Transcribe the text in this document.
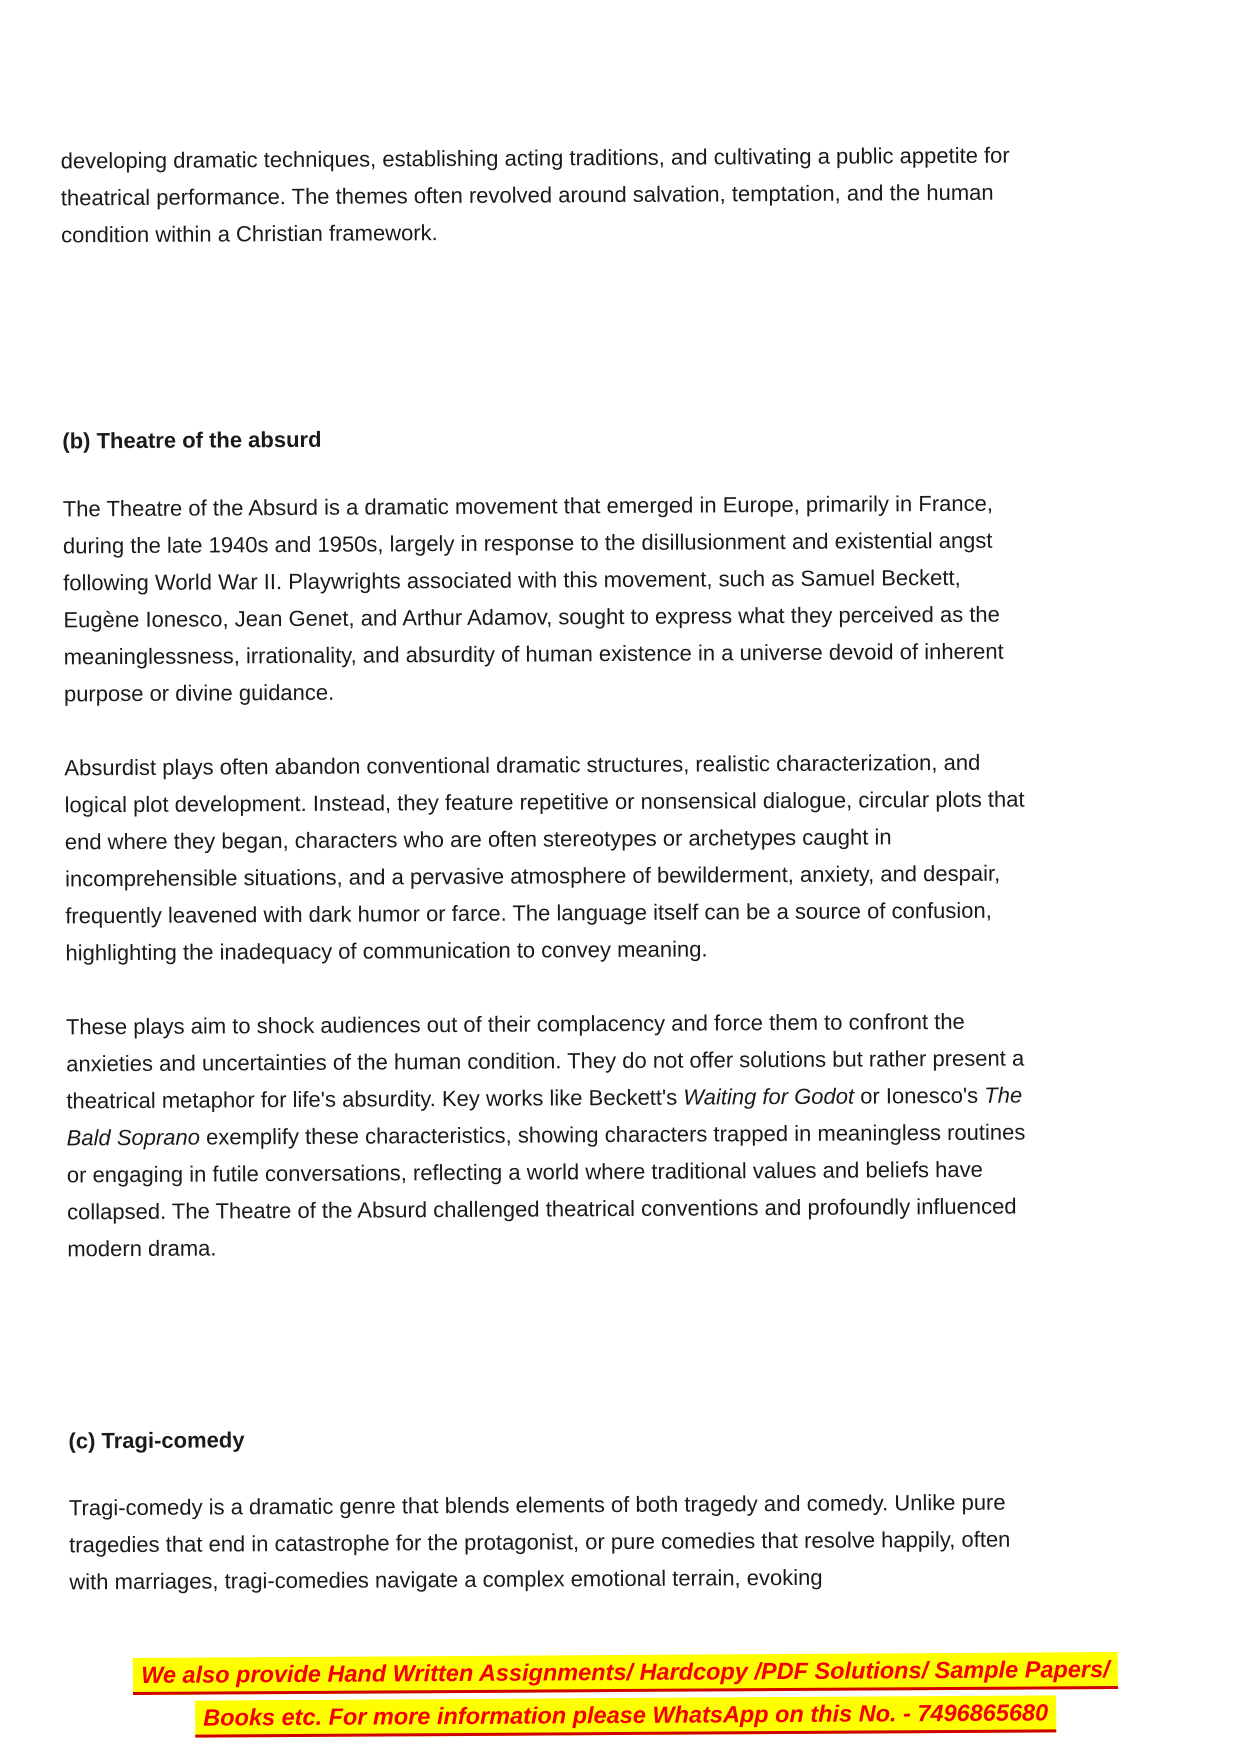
developing dramatic techniques, establishing acting traditions, and cultivating a public appetite for theatrical performance. The themes often revolved around salvation, temptation, and the human condition within a Christian framework.

(b) Theatre of the absurd

The Theatre of the Absurd is a dramatic movement that emerged in Europe, primarily in France, during the late 1940s and 1950s, largely in response to the disillusionment and existential angst following World War II. Playwrights associated with this movement, such as Samuel Beckett, Eugène Ionesco, Jean Genet, and Arthur Adamov, sought to express what they perceived as the meaninglessness, irrationality, and absurdity of human existence in a universe devoid of inherent purpose or divine guidance.

Absurdist plays often abandon conventional dramatic structures, realistic characterization, and logical plot development. Instead, they feature repetitive or nonsensical dialogue, circular plots that end where they began, characters who are often stereotypes or archetypes caught in incomprehensible situations, and a pervasive atmosphere of bewilderment, anxiety, and despair, frequently leavened with dark humor or farce. The language itself can be a source of confusion, highlighting the inadequacy of communication to convey meaning.

These plays aim to shock audiences out of their complacency and force them to confront the anxieties and uncertainties of the human condition. They do not offer solutions but rather present a theatrical metaphor for life's absurdity. Key works like Beckett's Waiting for Godot or Ionesco's The Bald Soprano exemplify these characteristics, showing characters trapped in meaningless routines or engaging in futile conversations, reflecting a world where traditional values and beliefs have collapsed. The Theatre of the Absurd challenged theatrical conventions and profoundly influenced modern drama.

(c) Tragi-comedy

Tragi-comedy is a dramatic genre that blends elements of both tragedy and comedy. Unlike pure tragedies that end in catastrophe for the protagonist, or pure comedies that resolve happily, often with marriages, tragi-comedies navigate a complex emotional terrain, evoking

We also provide Hand Written Assignments/ Hardcopy /PDF Solutions/ Sample Papers/
Books etc. For more information please WhatsApp on this No. - 7496865680
